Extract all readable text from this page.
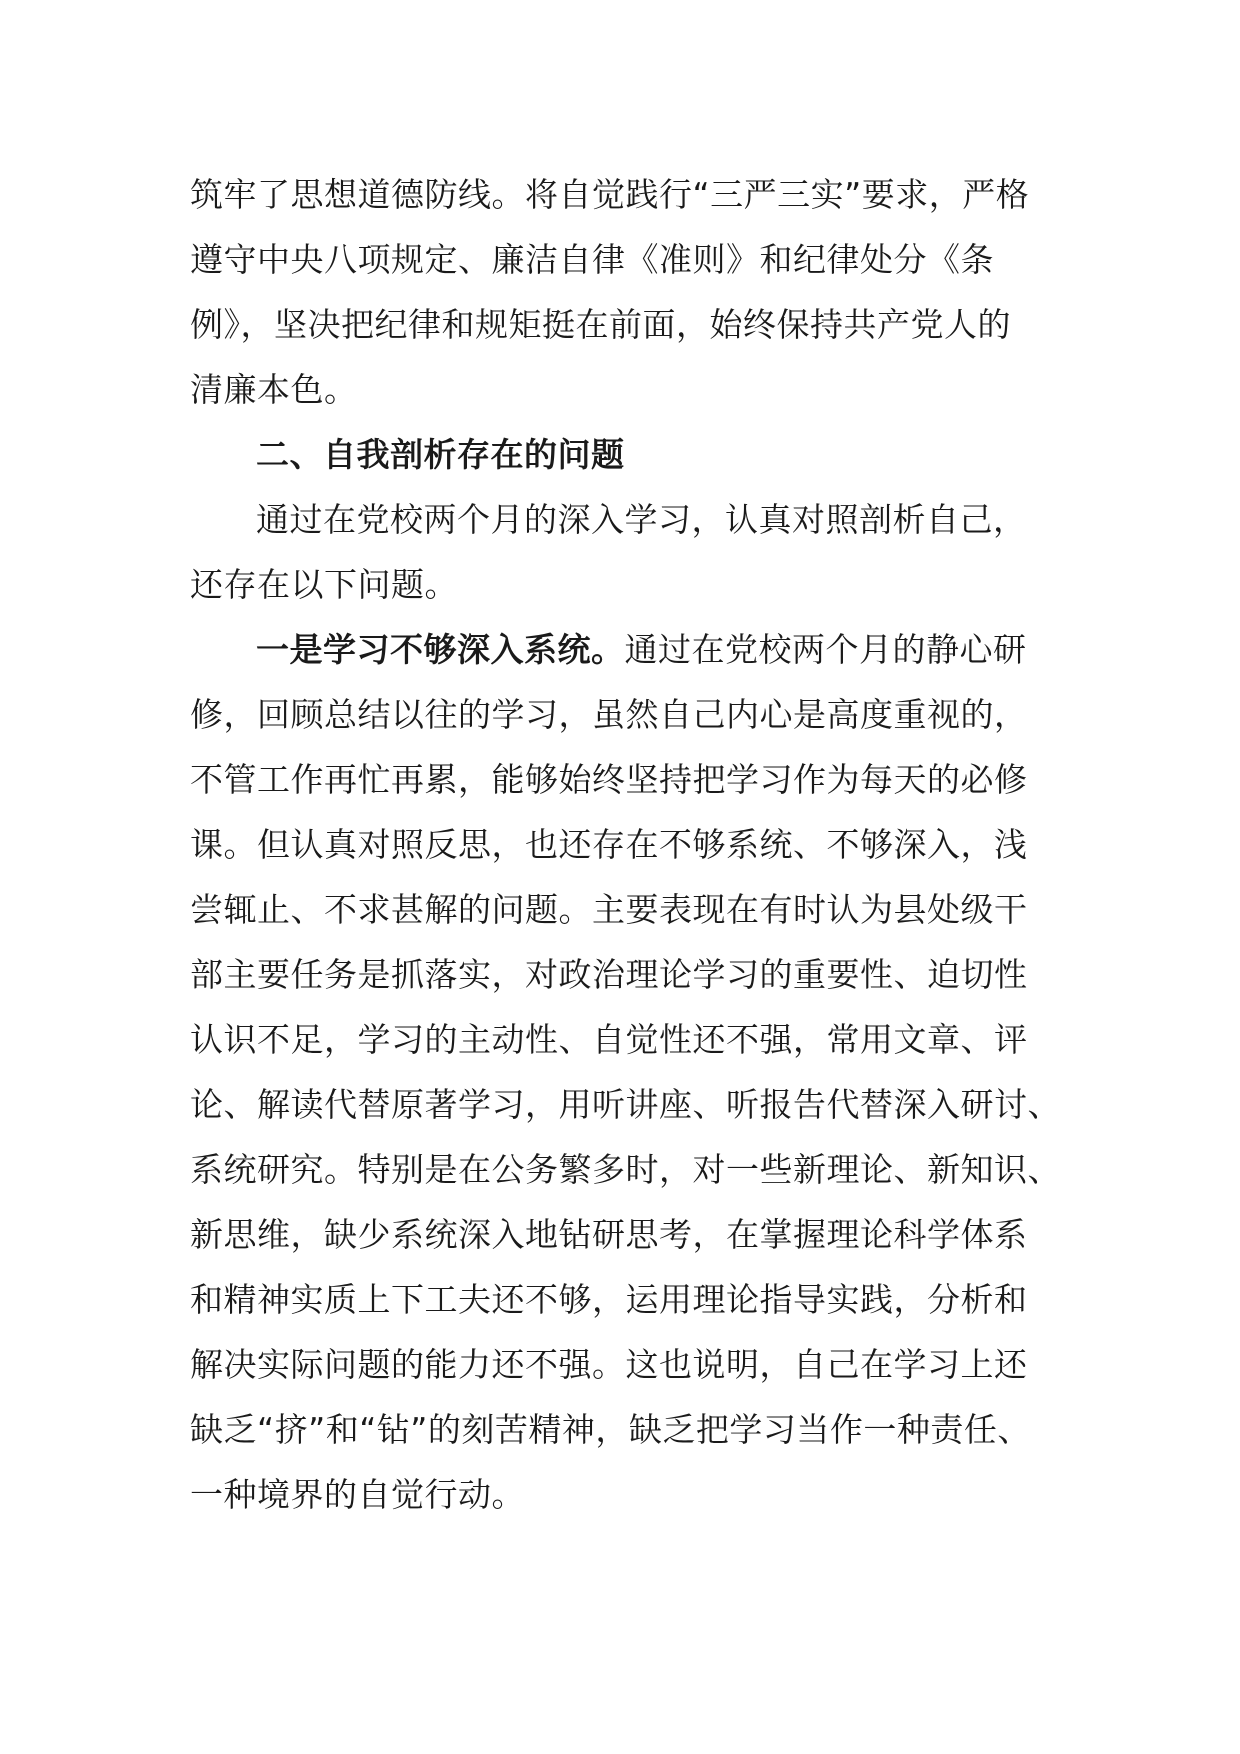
筑牢了思想道德防线。将自觉践行“三严三实”要求，严格
遵守中央八项规定、廉洁自律《准则》和纪律处分《条
例》，坚决把纪律和规矩挺在前面，始终保持共产党人的
清廉本色。
二、自我剖析存在的问题
通过在党校两个月的深入学习，认真对照剖析自己，
还存在以下问题。
一是学习不够深入系统。通过在党校两个月的静心研
修，回顾总结以往的学习，虽然自己内心是高度重视的，
不管工作再忙再累，能够始终坚持把学习作为每天的必修
课。但认真对照反思，也还存在不够系统、不够深入，浅
尝辄止、不求甚解的问题。主要表现在有时认为县处级干
部主要任务是抓落实，对政治理论学习的重要性、迫切性
认识不足，学习的主动性、自觉性还不强，常用文章、评
论、解读代替原著学习，用听讲座、听报告代替深入研讨、
系统研究。特别是在公务繁多时，对一些新理论、新知识、
新思维，缺少系统深入地钻研思考，在掌握理论科学体系
和精神实质上下工夫还不够，运用理论指导实践，分析和
解决实际问题的能力还不强。这也说明，自己在学习上还
缺乏“挤”和“钻”的刻苦精神，缺乏把学习当作一种责任、
一种境界的自觉行动。
